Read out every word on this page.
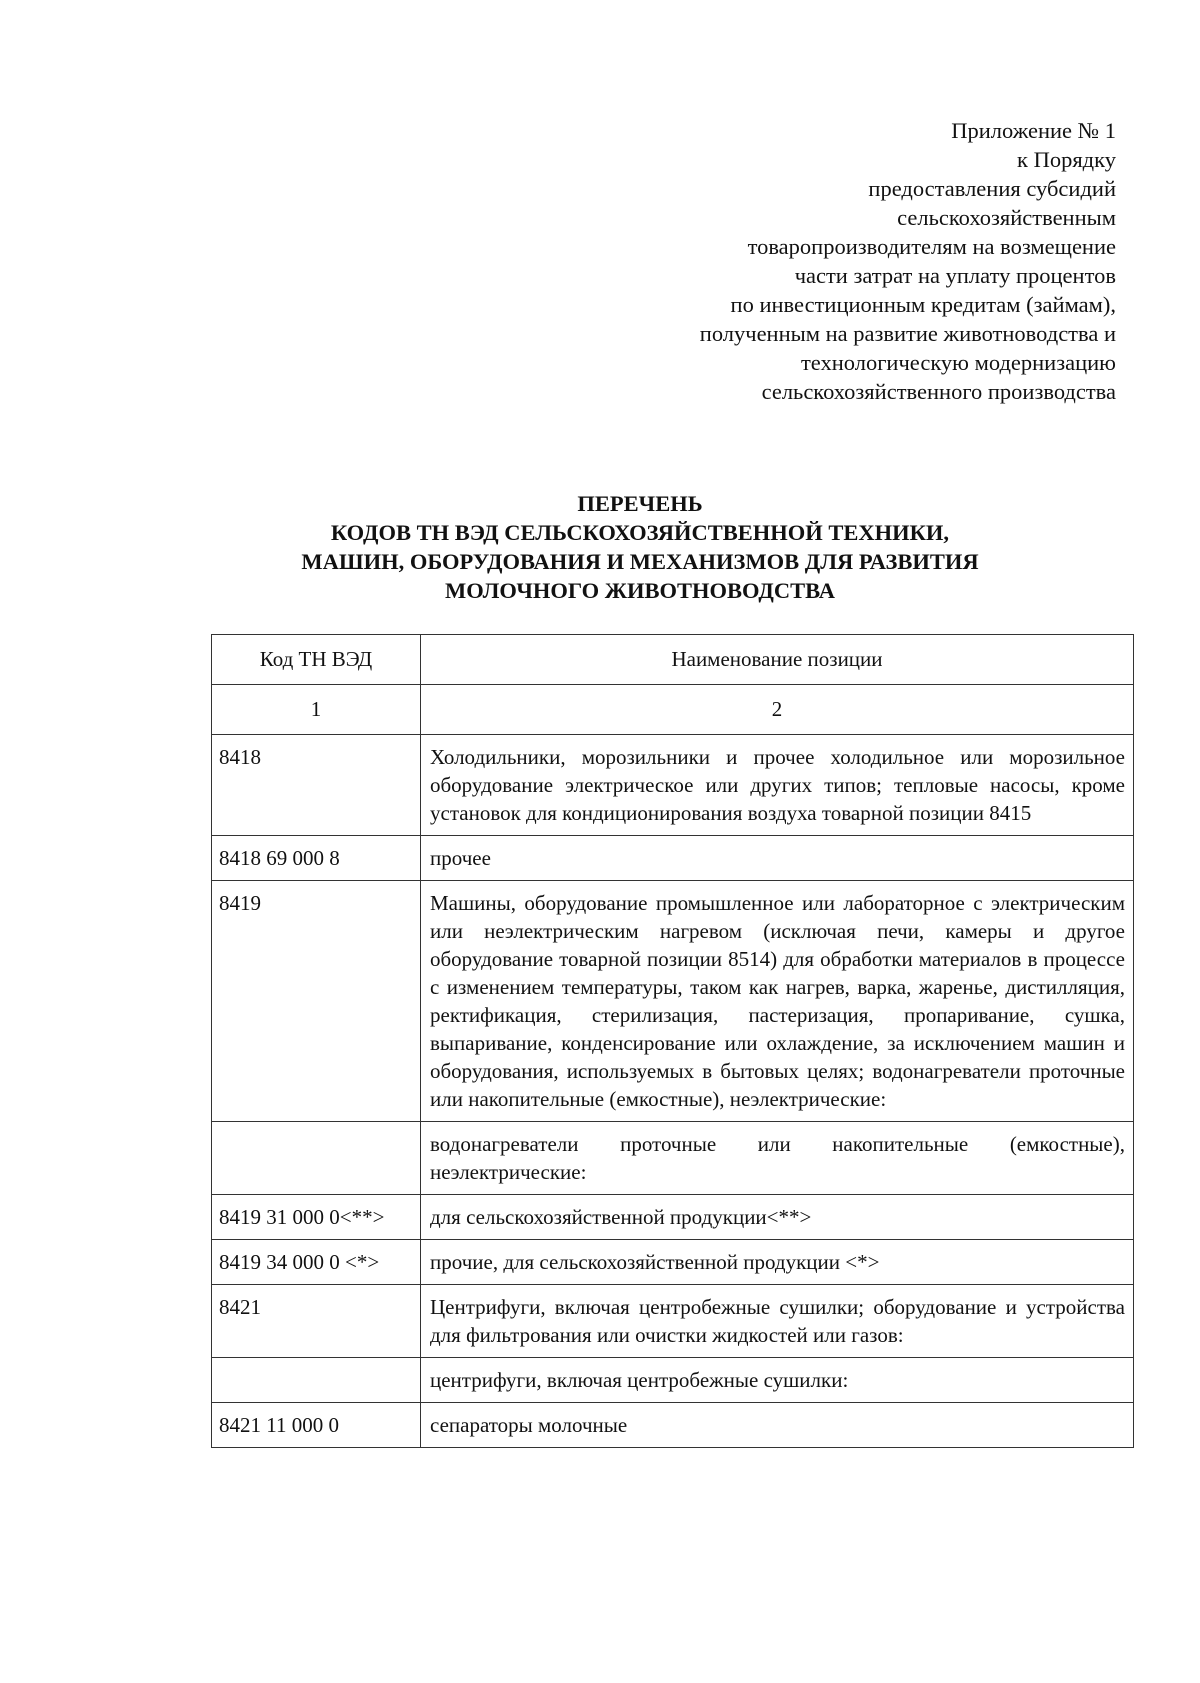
Приложение № 1
к Порядку
предоставления субсидий
сельскохозяйственным
товаропроизводителям на возмещение
части затрат на уплату процентов
по инвестиционным кредитам (займам),
полученным на развитие животноводства и
технологическую модернизацию
сельскохозяйственного производства
ПЕРЕЧЕНЬ
КОДОВ ТН ВЭД СЕЛЬСКОХОЗЯЙСТВЕННОЙ ТЕХНИКИ,
МАШИН, ОБОРУДОВАНИЯ И МЕХАНИЗМОВ ДЛЯ РАЗВИТИЯ
МОЛОЧНОГО ЖИВОТНОВОДСТВА
Код ТН ВЭД	Наименование позиции
1	2
8418	Холодильники, морозильники и прочее холодильное или морозильное оборудование электрическое или других типов; тепловые насосы, кроме установок для кондиционирования воздуха товарной позиции 8415
8418 69 000 8	прочее
8419	Машины, оборудование промышленное или лабораторное с электрическим или неэлектрическим нагревом (исключая печи, камеры и другое оборудование товарной позиции 8514) для обработки материалов в процессе с изменением температуры, таком как нагрев, варка, жаренье, дистилляция, ректификация, стерилизация, пастеризация, пропаривание, сушка, выпаривание, конденсирование или охлаждение, за исключением машин и оборудования, используемых в бытовых целях; водонагреватели проточные или накопительные (емкостные), неэлектрические:
	водонагреватели проточные или накопительные (емкостные), неэлектрические:
8419 31 000 0<**>	для сельскохозяйственной продукции<**>
8419 34 000 0 <*>	прочие, для сельскохозяйственной продукции <*>
8421	Центрифуги, включая центробежные сушилки; оборудование и устройства для фильтрования или очистки жидкостей или газов:
	центрифуги, включая центробежные сушилки:
8421 11 000 0	сепараторы молочные
